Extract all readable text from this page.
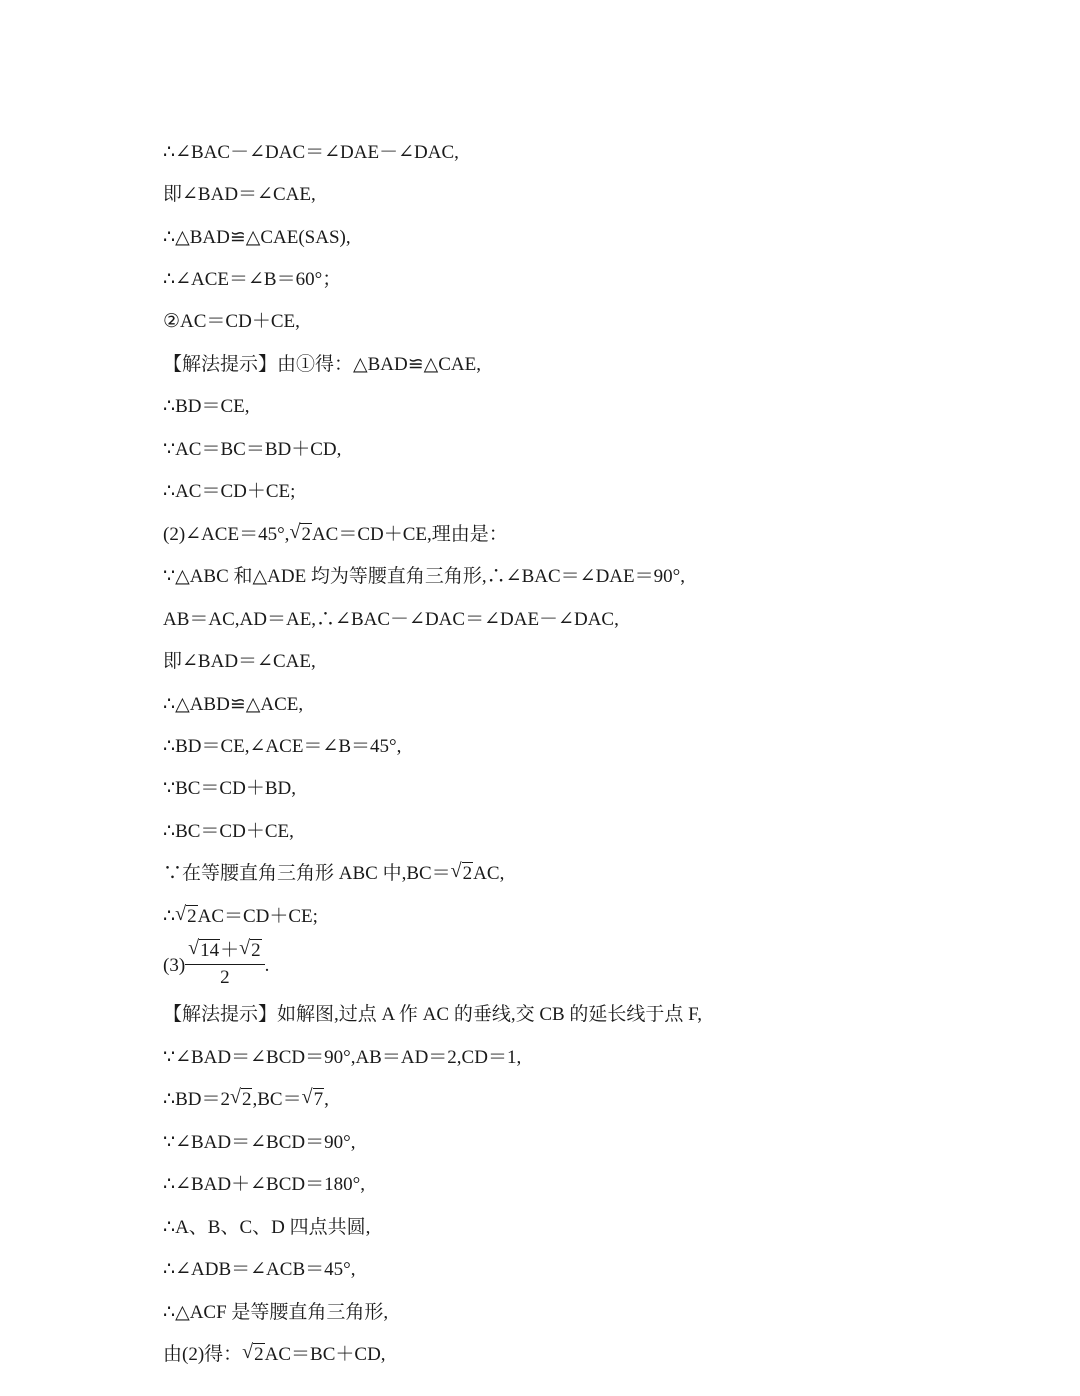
∴∠BAC－∠DAC＝∠DAE－∠DAC,
即∠BAD＝∠CAE,
∴△BAD≌△CAE(SAS),
∴∠ACE＝∠B＝60°；
②AC＝CD＋CE,
【解法提示】由①得：△BAD≌△CAE,
∴BD＝CE,
∵AC＝BC＝BD＋CD,
∴AC＝CD＋CE;
(2)∠ACE＝45°, √ 2AC＝CD＋CE,理由是：
∵△ABC 和△ADE 均为等腰直角三角形,∴∠BAC＝∠DAE＝90°,
AB＝AC,AD＝AE,∴∠BAC－∠DAC＝∠DAE－∠DAC,
即∠BAD＝∠CAE,
∴△ABD≌△ACE,
∴BD＝CE,∠ACE＝∠B＝45°,
∵BC＝CD＋BD,
∴BC＝CD＋CE,
∵在等腰直角三角形 ABC 中,BC＝ √ 2AC,
∴ √ 2AC＝CD＋CE;
(3) √ $\frac{14+ √ 2}{2}$ .
【解法提示】如解图,过点 A 作 AC 的垂线,交 CB 的延长线于点 F,
∵∠BAD＝∠BCD＝90°,AB＝AD＝2,CD＝1,
∴BD＝2 √ 2,BC＝ √ 7,
∵∠BAD＝∠BCD＝90°,
∴∠BAD＋∠BCD＝180°,
∴A、B、C、D 四点共圆,
∴∠ADB＝∠ACB＝45°,
∴△ACF 是等腰直角三角形,
由(2)得： √ 2AC＝BC＋CD,
